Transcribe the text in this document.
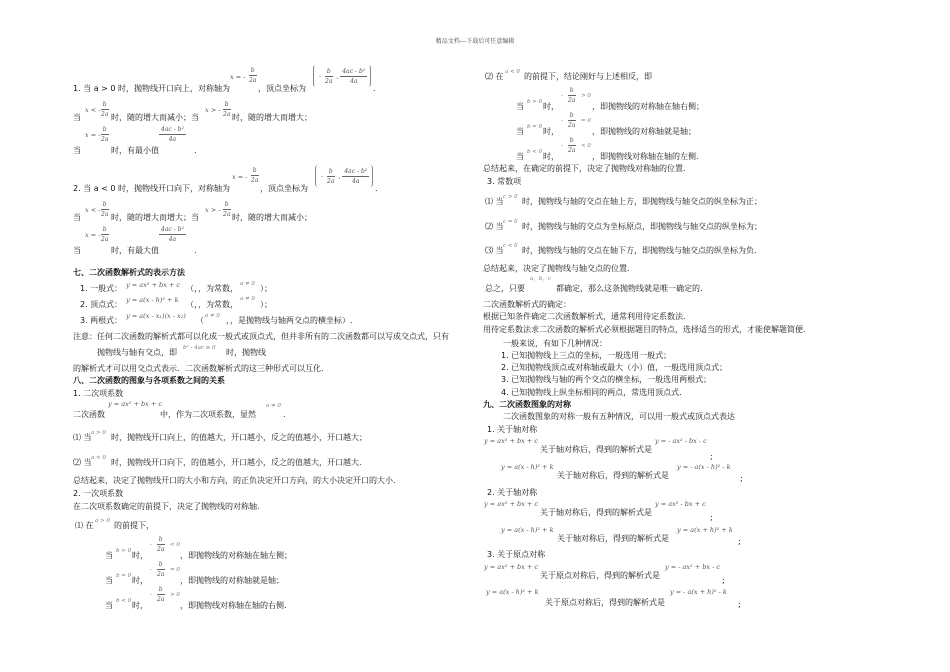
精品文档---下载后可任意编辑
1. 当 a > 0 时，抛物线开口向上，对称轴为
x = - $\frac{b}{2a}$
，顶点坐标为
- $\frac{b}{2a}$ , $\frac{\text{4ac - b²}}{4a}$
.
当
x < -
$\frac{b}{2a}$ 时，随的增大而减小；当
x > - $\frac{b}{2a}$ 时，随的增大而增大；
当
x = -
$\frac{b}{2a}$
时，有最小值
$\frac{\text{4ac - b²}}{4a}$
.
2. 当 a < 0 时，抛物线开口向下，对称轴为
x = - $\frac{b}{2a}$
，顶点坐标为
- $\frac{b}{2a}$ , $\frac{\text{4ac - b²}}{4a}$
.
当
x < -
$\frac{b}{2a}$ 时，随的增大而增大；当
x > - $\frac{b}{2a}$ 时，随的增大而减小；
当
x = -
$\frac{b}{2a}$
时，有最大值
$\frac{\text{4ac - b²}}{4a}$
.
七、二次函数解析式的表示方法
1. 一般式： y = ax² + bx + c （，，为常数， a ≠ 0 ）；
2. 顶点式： y = a(x - h)² + k （，，为常数，
a ≠ 0
）；
3. 两根式： y = a(x - x₁)(x - x₂) （ a ≠ 0 ，，是抛物线与轴两交点的横坐标）.
注意：任何二次函数的解析式都可以化成一般式或顶点式，但并非所有的二次函数都可以写成交点式，只有
抛物线与轴有交点，即 b² - 4ac ≥ 0 时，抛物线
的解析式才可以用交点式表示．二次函数解析式的这三种形式可以互化.
八、二次函数的图象与各项系数之间的关系
1. 二次项系数
y = ax² + bx + c
二次函数	中，作为二次项系数，显然
a ≠ 0
.
⑴ 当 a > 0 时，抛物线开口向上，的值越大，开口越小，反之的值越小，开口越大；
⑵ 当 a < 0 时，抛物线开口向下，的值越小，开口越小，反之的值越大，开口越大.
总结起来，决定了抛物线开口的大小和方向，的正负决定开口方向，的大小决定开口的大小.
2. 一次项系数
在二次项系数确定的前提下，决定了抛物线的对称轴.
⑴ 在 a > 0 的前提下，
当 b > 0 时，
- $\frac{b}{2a} < 0$
，即抛物线的对称轴在轴左侧；
当 b = 0 时，
- $\frac{b}{2a} = 0$
，即抛物线的对称轴就是轴；
当 b < 0 时，
- $\frac{b}{2a} > 0$
，即抛物线对称轴在轴的右侧.
⑵ 在 a < 0 的前提下，结论刚好与上述相反，即
当 b > 0 时，
- $\frac{b}{2a} > 0$
，即抛物线的对称轴在轴右侧；
当 b = 0 时，
- $\frac{b}{2a} = 0$
，即抛物线的对称轴就是轴；
当 b < 0 时，
- $\frac{b}{2a} < 0$
，即抛物线对称轴在轴的左侧.
总结起来，在确定的前提下，决定了抛物线对称轴的位置.
3. 常数项
⑴ 当 c > 0 时，抛物线与轴的交点在轴上方，即抛物线与轴交点的纵坐标为正；
⑵ 当 c = 0 时，抛物线与轴的交点为坐标原点，即抛物线与轴交点的纵坐标为；
⑶ 当 c < 0 时，抛物线与轴的交点在轴下方，即抛物线与轴交点的纵坐标为负.
总结起来，决定了抛物线与轴交点的位置.
总之，只要
a，b，c
都确定，那么这条抛物线就是唯一确定的.
二次函数解析式的确定：
根据已知条件确定二次函数解析式，通常利用待定系数法．
用待定系数法求二次函数的解析式必须根据题目的特点，选择适当的形式，才能使解题简便．
一般来说，有如下几种情况：
1. 已知抛物线上三点的坐标，一般选用一般式；
2. 已知抛物线顶点或对称轴或最大（小）值，一般选用顶点式；
3. 已知抛物线与轴的两个交点的横坐标，一般选用两根式；
4. 已知抛物线上纵坐标相同的两点，常选用顶点式．
九、二次函数图象的对称
二次函数图象的对称一般有五种情况，可以用一般式或顶点式表达
1. 关于轴对称
y = ax² + bx + c
关于轴对称后，得到的解析式是
y = - ax² - bx - c
;
y = a(x - h)² + k
关于轴对称后，得到的解析式是
y = - a(x - h)² - k
;
2. 关于轴对称
y = ax² + bx + c
关于轴对称后，得到的解析式是
y = ax² - bx + c
;
y = a(x - h)² + k
关于轴对称后，得到的解析式是
y = a(x + h)² + k
;
3. 关于原点对称
y = ax² + bx + c
关于原点对称后，得到的解析式是
y = - ax² + bx - c
;
y = a(x - h)² + k
关于原点对称后，得到的解析式是
y = - a(x + h)² - k
;
